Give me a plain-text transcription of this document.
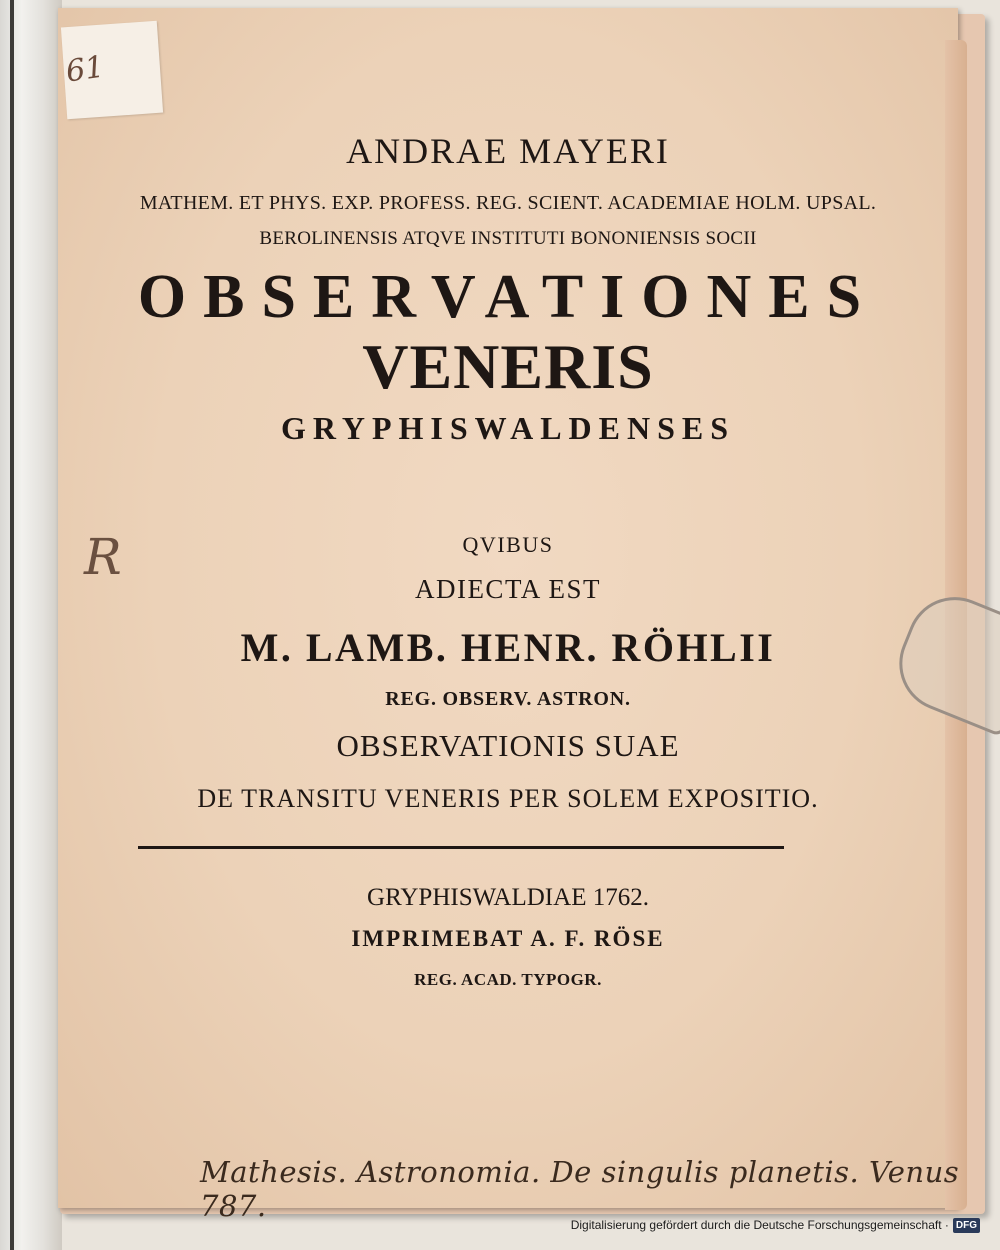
61
R
ANDRAE MAYERI
MATHEM. ET PHYS. EXP. PROFESS. REG. SCIENT. ACADEMIAE HOLM. UPSAL.
BEROLINENSIS ATQVE INSTITUTI BONONIENSIS SOCII
OBSERVATIONES
VENERIS
GRYPHISWALDENSES
QVIBUS
ADIECTA EST
M. LAMB. HENR. RÖHLII
REG. OBSERV. ASTRON.
OBSERVATIONIS SUAE
DE TRANSITU VENERIS PER SOLEM EXPOSITIO.
GRYPHISWALDIAE 1762.
IMPRIMEBAT A. F. RÖSE
REG. ACAD. TYPOGR.
Mathesis. Astronomia. De singulis planetis. Venus 787.
Digitalisierung gefördert durch die Deutsche Forschungsgemeinschaft · DFG
